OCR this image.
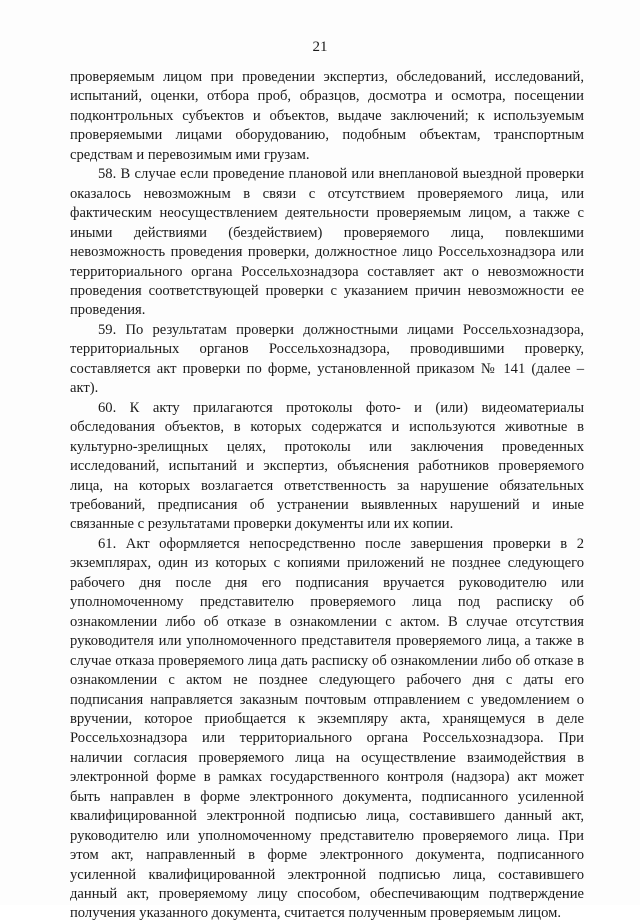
21

проверяемым лицом при проведении экспертиз, обследований, исследований, испытаний, оценки, отбора проб, образцов, досмотра и осмотра, посещении подконтрольных субъектов и объектов, выдаче заключений; к используемым проверяемыми лицами оборудованию, подобным объектам, транспортным средствам и перевозимым ими грузам.

58. В случае если проведение плановой или внеплановой выездной проверки оказалось невозможным в связи с отсутствием проверяемого лица, или фактическим неосуществлением деятельности проверяемым лицом, а также с иными действиями (бездействием) проверяемого лица, повлекшими невозможность проведения проверки, должностное лицо Россельхознадзора или территориального органа Россельхознадзора составляет акт о невозможности проведения соответствующей проверки с указанием причин невозможности ее проведения.

59. По результатам проверки должностными лицами Россельхознадзора, территориальных органов Россельхознадзора, проводившими проверку, составляется акт проверки по форме, установленной приказом № 141 (далее – акт).

60. К акту прилагаются протоколы фото- и (или) видеоматериалы обследования объектов, в которых содержатся и используются животные в культурно-зрелищных целях, протоколы или заключения проведенных исследований, испытаний и экспертиз, объяснения работников проверяемого лица, на которых возлагается ответственность за нарушение обязательных требований, предписания об устранении выявленных нарушений и иные связанные с результатами проверки документы или их копии.

61. Акт оформляется непосредственно после завершения проверки в 2 экземплярах, один из которых с копиями приложений не позднее следующего рабочего дня после дня его подписания вручается руководителю или уполномоченному представителю проверяемого лица под расписку об ознакомлении либо об отказе в ознакомлении с актом. В случае отсутствия руководителя или уполномоченного представителя проверяемого лица, а также в случае отказа проверяемого лица дать расписку об ознакомлении либо об отказе в ознакомлении с актом не позднее следующего рабочего дня с даты его подписания направляется заказным почтовым отправлением с уведомлением о вручении, которое приобщается к экземпляру акта, хранящемуся в деле Россельхознадзора или территориального органа Россельхознадзора. При наличии согласия проверяемого лица на осуществление взаимодействия в электронной форме в рамках государственного контроля (надзора) акт может быть направлен в форме электронного документа, подписанного усиленной квалифицированной электронной подписью лица, составившего данный акт, руководителю или уполномоченному представителю проверяемого лица. При этом акт, направленный в форме электронного документа, подписанного усиленной квалифицированной электронной подписью лица, составившего данный акт, проверяемому лицу способом, обеспечивающим подтверждение получения указанного документа, считается полученным проверяемым лицом.
